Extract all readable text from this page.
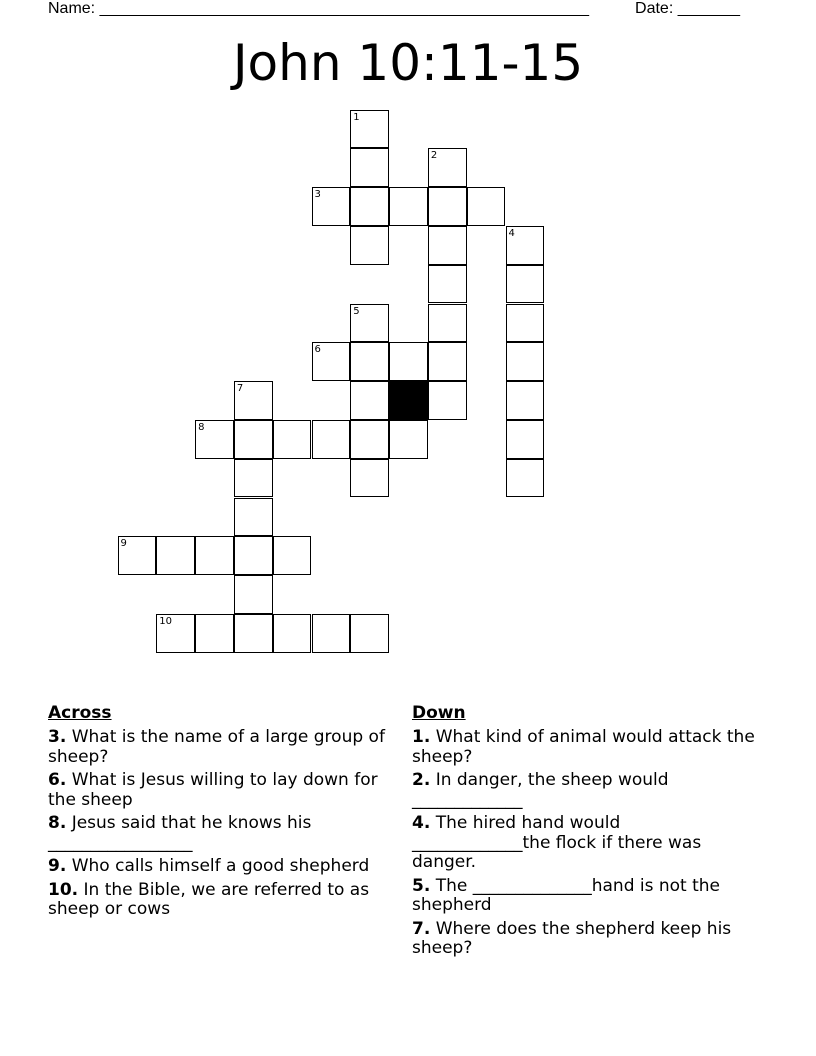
Name: _______________________________________________________	Date: _______
John 10:11-15
1
2
3
4
5
6
7
8
9
10
Across
3. What is the name of a large group of sheep?
6. What is Jesus willing to lay down for the sheep
8. Jesus said that he knows his _________________
9. Who calls himself a good shepherd
10. In the Bible, we are referred to as sheep or cows
Down
1. What kind of animal would attack the sheep?
2. In danger, the sheep would _____________
4. The hired hand would _____________the flock if there was danger.
5. The ______________hand is not the shepherd
7. Where does the shepherd keep his sheep?
